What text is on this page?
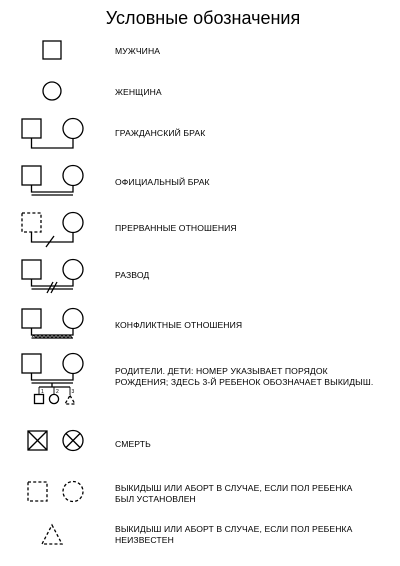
Условные обозначения
МУЖЧИНА
ЖЕНЩИНА
ГРАЖДАНСКИЙ БРАК
ОФИЦИАЛЬНЫЙ БРАК
ПРЕРВАННЫЕ ОТНОШЕНИЯ
РАЗВОД
КОНФЛИКТНЫЕ ОТНОШЕНИЯ
1 2	3
РОДИТЕЛИ. ДЕТИ: НОМЕР УКАЗЫВАЕТ ПОРЯДОК
РОЖДЕНИЯ; ЗДЕСЬ 3-Й РЕБЕНОК ОБОЗНАЧАЕТ ВЫКИДЫШ.
СМЕРТЬ
ВЫКИДЫШ ИЛИ АБОРТ В СЛУЧАЕ, ЕСЛИ ПОЛ РЕБЕНКА
БЫЛ УСТАНОВЛЕН
ВЫКИДЫШ ИЛИ АБОРТ В СЛУЧАЕ, ЕСЛИ ПОЛ РЕБЕНКА
НЕИЗВЕСТЕН
